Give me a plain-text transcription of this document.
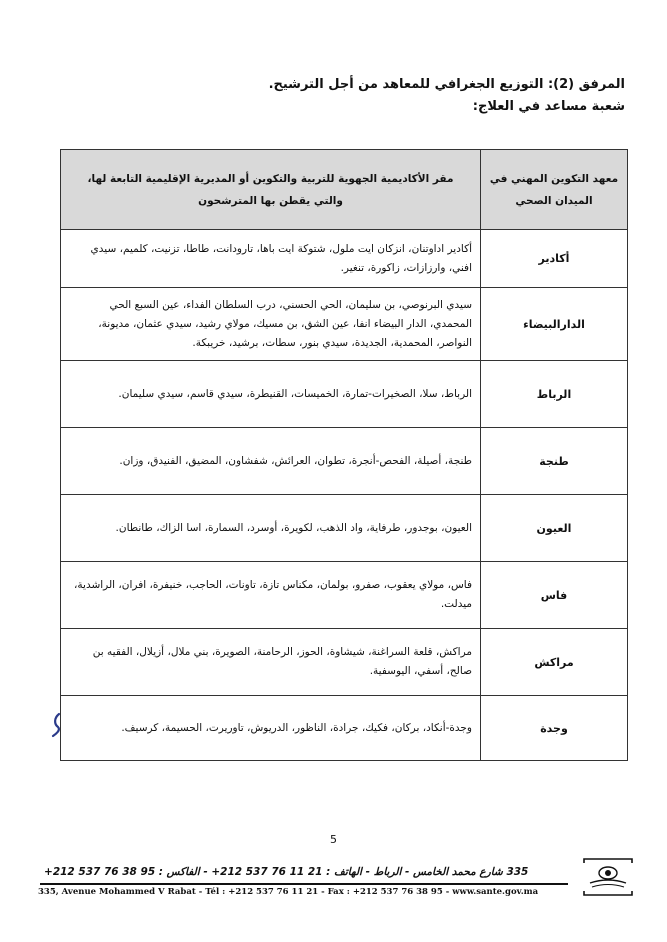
المرفق (2): التوزيع الجغرافي للمعاهد من أجل الترشيح.
شعبة مساعد في العلاج:
معهد التكوين المهني في الميدان الصحي	مقر الأكاديمية الجهوية للتربية والتكوين أو المديرية الإقليمية التابعة لها، والتي يقطن بها المترشحون
أكادير	أكادير اداوتنان، انزكان ايت ملول، شتوكة ايت باها، تارودانت، طاطا، تزنيت، كلميم، سيدي افني، وارزازات، زاكورة، تنغير.
الدارالبيضاء	سيدي البرنوصي، بن سليمان، الحي الحسني، درب السلطان الفداء، عين السبع الحي المحمدي، الدار البيضاء انفا، عين الشق، بن مسيك، مولاي رشيد، سيدي عثمان، مديونة، النواصر، المحمدية، الجديدة، سيدي بنور، سطات، برشيد، خريبكة.
الرباط	الرباط، سلا، الصخيرات-تمارة، الخميسات، القنيطرة، سيدي قاسم، سيدي سليمان.
طنجة	طنجة، أصيلة، الفحص-أنجرة، تطوان، العرائش، شفشاون، المضيق، الفنيدق، وزان.
العيون	العيون، بوجدور، طرفاية، واد الذهب، لكويرة، أوسرد، السمارة، اسا الزاك، طانطان.
فاس	فاس، مولاي يعقوب، صفرو، بولمان، مكناس تازة، تاونات، الحاجب، خنيفرة، افران، الراشدية، ميدلت.
مراكش	مراكش، قلعة السراغنة، شيشاوة، الحوز، الرحامنة، الصويرة، بني ملال، أزيلال، الفقيه بن صالح، أسفي، اليوسفية.
وجدة	وجدة-أنكاد، بركان، فكيك، جرادة، الناظور، الدريوش، تاوريرت، الحسيمة، كرسيف.
5
335 شارع محمد الخامس - الرباط - الهاتف : 21 11 76 537 212+ - الفاكس : 95 38 76 537 212+
335, Avenue Mohammed V Rabat - Tél : +212 537 76 11 21 - Fax : +212 537 76 38 95 - www.sante.gov.ma
